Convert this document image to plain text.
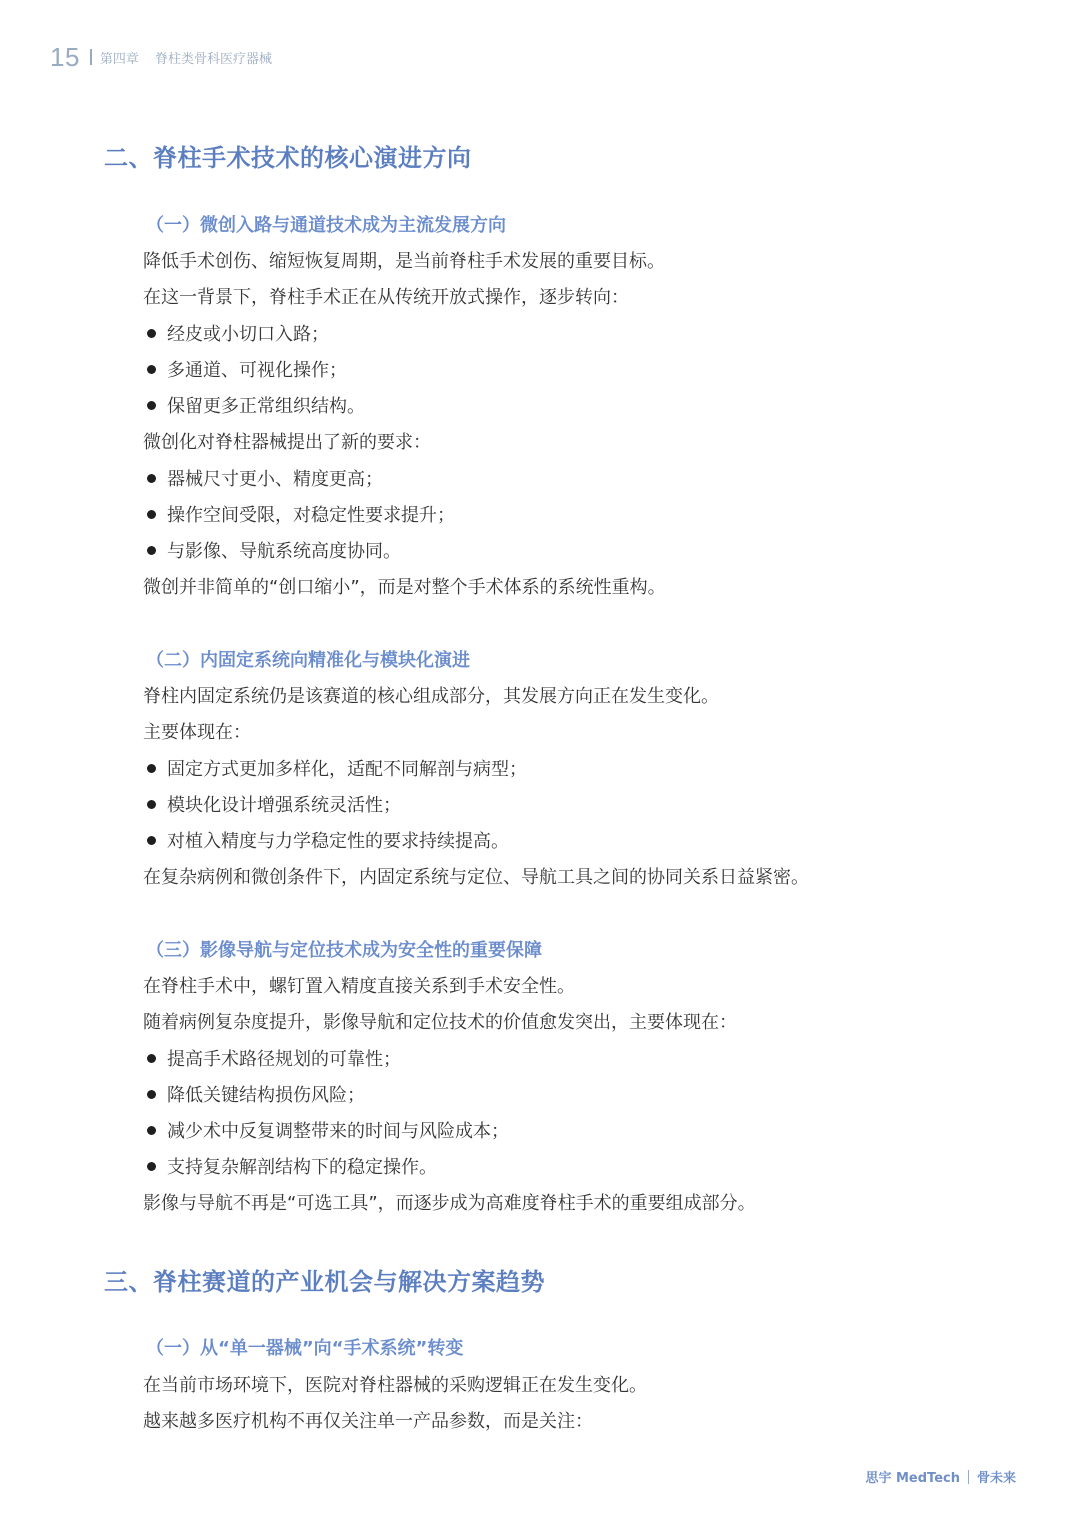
15 第四章 脊柱类骨科医疗器械
二、脊柱手术技术的核心演进方向
（一）微创入路与通道技术成为主流发展方向
降低手术创伤、缩短恢复周期，是当前脊柱手术发展的重要目标。
在这一背景下，脊柱手术正在从传统开放式操作，逐步转向：
经皮或小切口入路；
多通道、可视化操作；
保留更多正常组织结构。
微创化对脊柱器械提出了新的要求：
器械尺寸更小、精度更高；
操作空间受限，对稳定性要求提升；
与影像、导航系统高度协同。
微创并非简单的“创口缩小”，而是对整个手术体系的系统性重构。
（二）内固定系统向精准化与模块化演进
脊柱内固定系统仍是该赛道的核心组成部分，其发展方向正在发生变化。
主要体现在：
固定方式更加多样化，适配不同解剖与病型；
模块化设计增强系统灵活性；
对植入精度与力学稳定性的要求持续提高。
在复杂病例和微创条件下，内固定系统与定位、导航工具之间的协同关系日益紧密。
（三）影像导航与定位技术成为安全性的重要保障
在脊柱手术中，螺钉置入精度直接关系到手术安全性。
随着病例复杂度提升，影像导航和定位技术的价值愈发突出，主要体现在：
提高手术路径规划的可靠性；
降低关键结构损伤风险；
减少术中反复调整带来的时间与风险成本；
支持复杂解剖结构下的稳定操作。
影像与导航不再是“可选工具”，而逐步成为高难度脊柱手术的重要组成部分。
三、脊柱赛道的产业机会与解决方案趋势
（一）从“单一器械”向“手术系统”转变
在当前市场环境下，医院对脊柱器械的采购逻辑正在发生变化。
越来越多医疗机构不再仅关注单一产品参数，而是关注：
思宇 MedTech 骨未来
